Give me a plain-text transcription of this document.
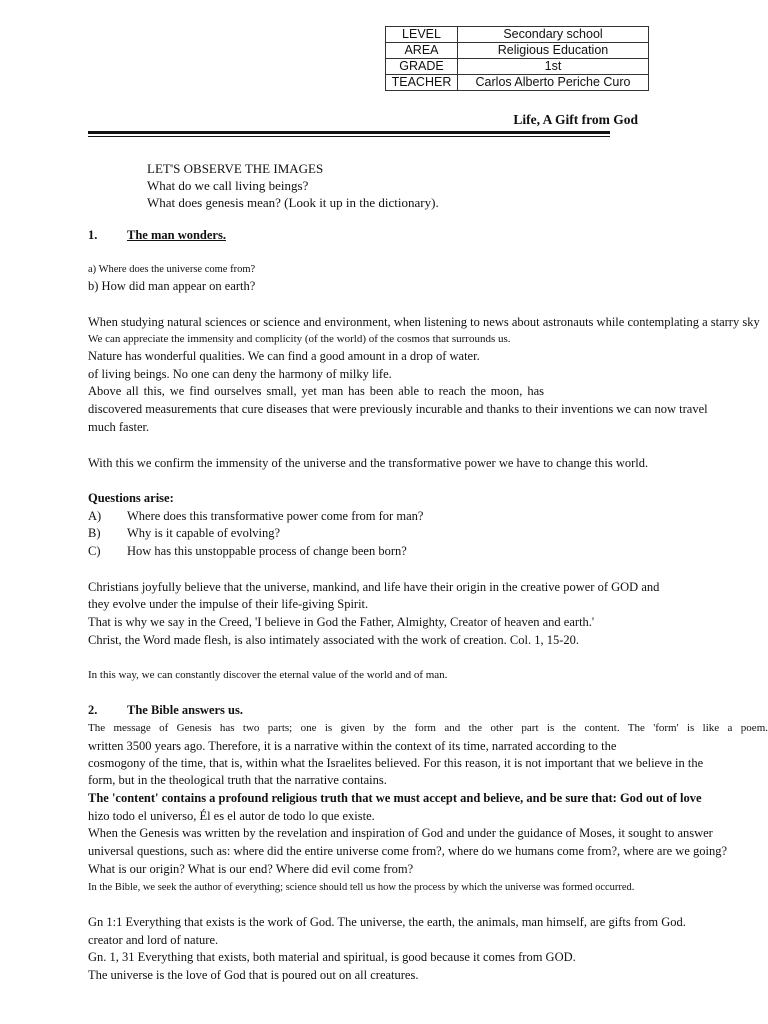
LEVEL	Secondary school
AREA	Religious Education
GRADE	1st
TEACHER	Carlos Alberto Periche Curo
Life, A Gift from God
LET'S OBSERVE THE IMAGES
What do we call living beings?
What does genesis mean? (Look it up in the dictionary).
1. The man wonders.
a) Where does the universe come from?
b) How did man appear on earth?
When studying natural sciences or science and environment, when listening to news about astronauts while contemplating a starry sky
We can appreciate the immensity and complicity (of the world) of the cosmos that surrounds us.
Nature has wonderful qualities. We can find a good amount in a drop of water.
of living beings. No one can deny the harmony of milky life.
Above all this, we find ourselves small, yet man has been able to reach the moon, has
discovered measurements that cure diseases that were previously incurable and thanks to their inventions we can now travel
much faster.
With this we confirm the immensity of the universe and the transformative power we have to change this world.
Questions arise:
A) Where does this transformative power come from for man?
B) Why is it capable of evolving?
C) How has this unstoppable process of change been born?
Christians joyfully believe that the universe, mankind, and life have their origin in the creative power of GOD and
they evolve under the impulse of their life-giving Spirit.
That is why we say in the Creed, 'I believe in God the Father, Almighty, Creator of heaven and earth.'
Christ, the Word made flesh, is also intimately associated with the work of creation. Col. 1, 15-20.
In this way, we can constantly discover the eternal value of the world and of man.
2. The Bible answers us.
The message of Genesis has two parts; one is given by the form and the other part is the content. The 'form' is like a poem.
written 3500 years ago. Therefore, it is a narrative within the context of its time, narrated according to the
cosmogony of the time, that is, within what the Israelites believed. For this reason, it is not important that we believe in the
form, but in the theological truth that the narrative contains.
The 'content' contains a profound religious truth that we must accept and believe, and be sure that: God out of love
hizo todo el universo, Él es el autor de todo lo que existe.
When the Genesis was written by the revelation and inspiration of God and under the guidance of Moses, it sought to answer
universal questions, such as: where did the entire universe come from?, where do we humans come from?, where are we going?
What is our origin? What is our end? Where did evil come from?
In the Bible, we seek the author of everything; science should tell us how the process by which the universe was formed occurred.
Gn 1:1 Everything that exists is the work of God. The universe, the earth, the animals, man himself, are gifts from God.
creator and lord of nature.
Gn. 1, 31 Everything that exists, both material and spiritual, is good because it comes from GOD.
The universe is the love of God that is poured out on all creatures.
